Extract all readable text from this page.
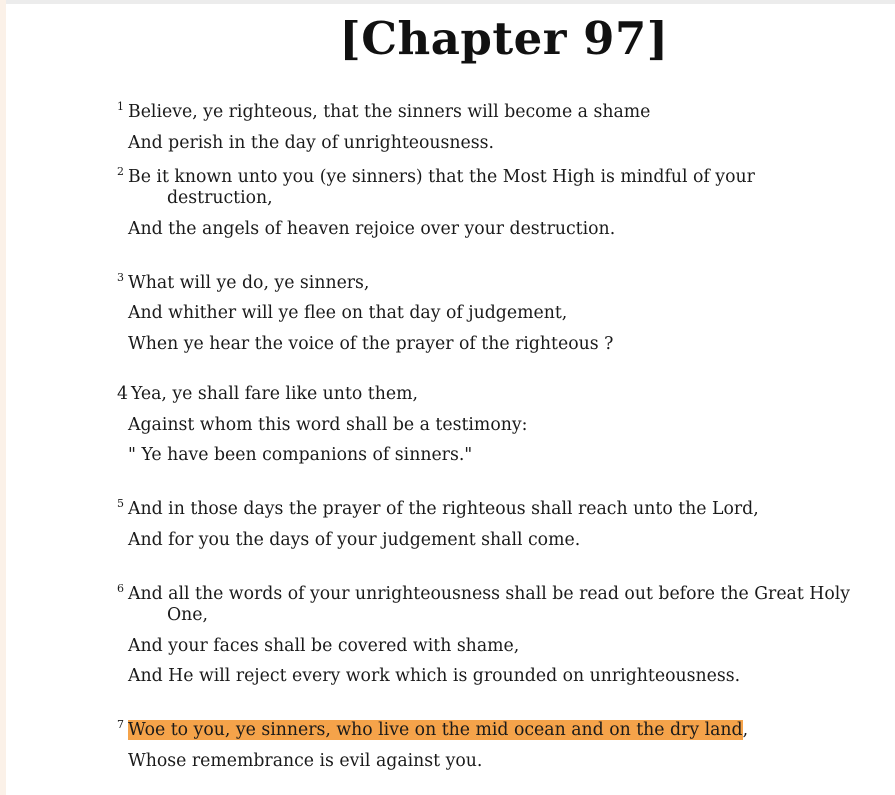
[Chapter 97]
$^1$ Believe, ye righteous, that the sinners will become a shame
And perish in the day of unrighteousness.
$^2$ Be it known unto you (ye sinners) that the Most High is mindful of your
destruction,
And the angels of heaven rejoice over your destruction.
$^3$ What will ye do, ye sinners,
And whither will ye flee on that day of judgement,
When ye hear the voice of the prayer of the righteous ?
4 Yea, ye shall fare like unto them,
Against whom this word shall be a testimony:
" Ye have been companions of sinners."
$^5$ And in those days the prayer of the righteous shall reach unto the Lord,
And for you the days of your judgement shall come.
$^6$ And all the words of your unrighteousness shall be read out before the Great Holy
One,
And your faces shall be covered with shame,
And He will reject every work which is grounded on unrighteousness.
$^7$ Woe to you, ye sinners, who live on the mid ocean and on the dry land,
Whose remembrance is evil against you.
